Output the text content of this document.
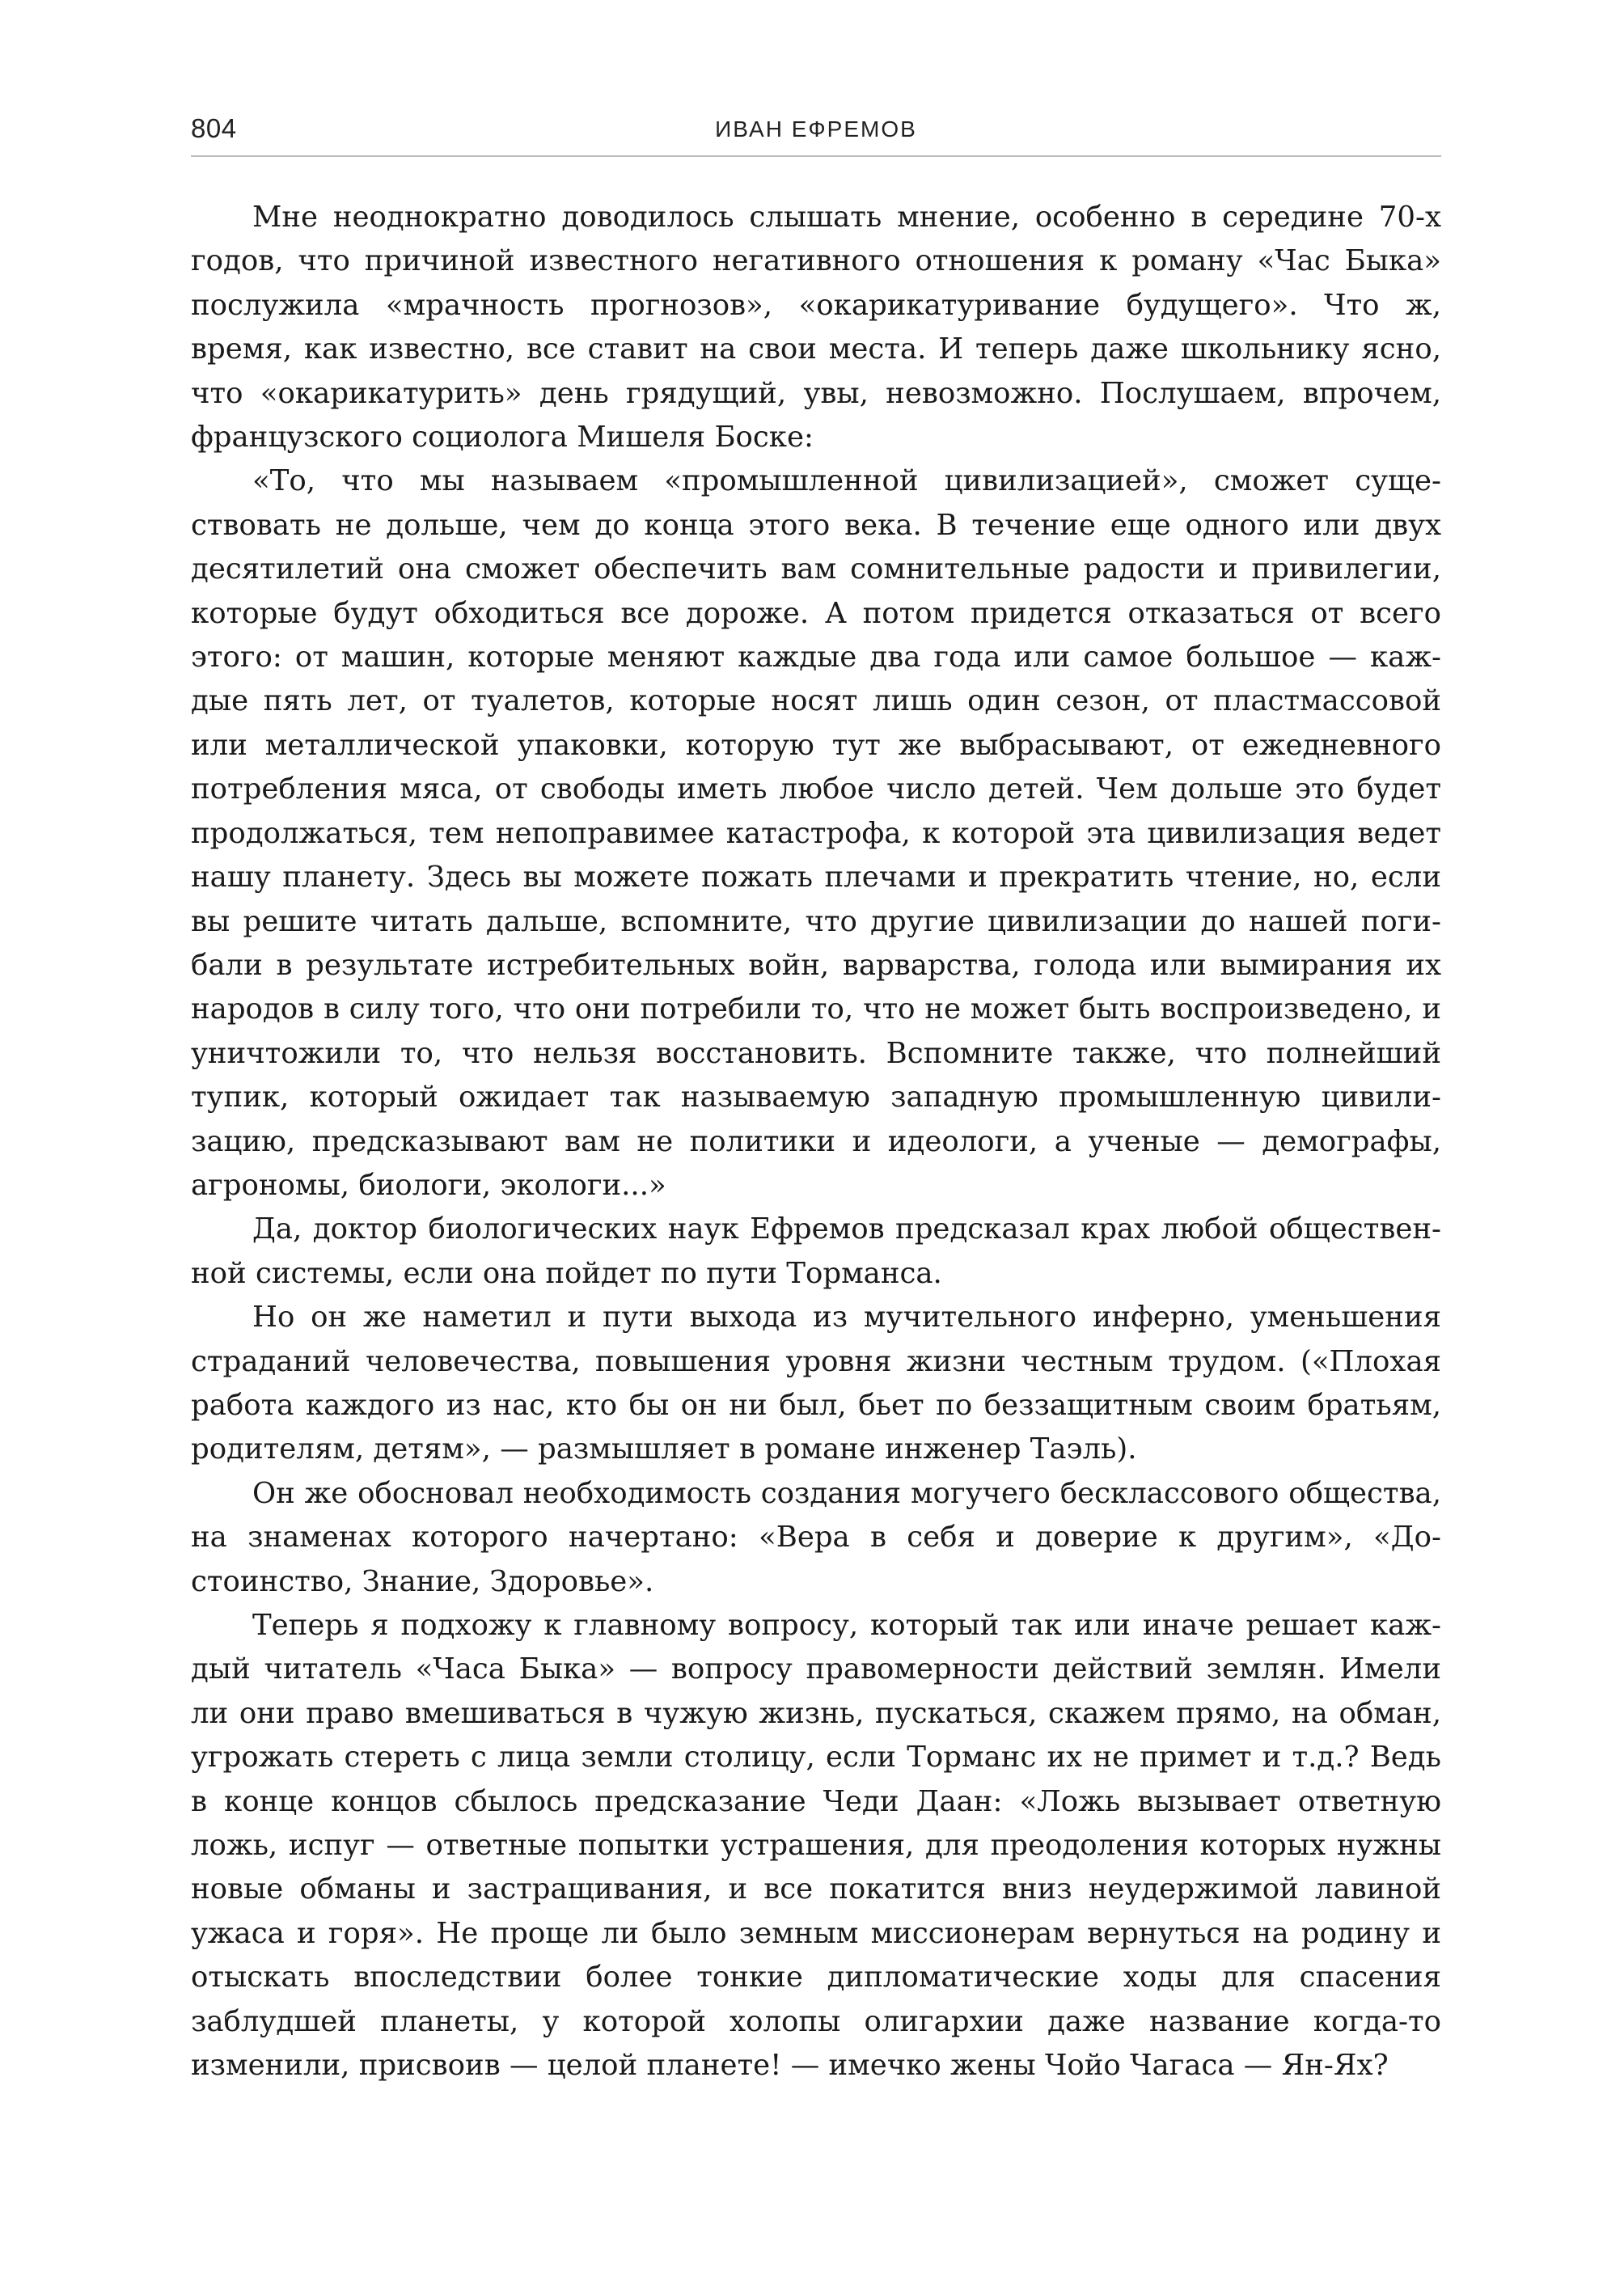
804	ИВАН ЕФРЕМОВ

Мне неоднократно доводилось слышать мнение, особенно в середине 70-х годов, что причиной известного негативного отношения к роману «Час Быка» послужила «мрачность прогнозов», «окарикатуривание будущего». Что ж, время, как известно, все ставит на свои места. И теперь даже школьнику ясно, что «окарикатурить» день грядущий, увы, невозможно. Послушаем, впрочем, французского социолога Мишеля Боске:

«То, что мы называем «промышленной цивилизацией», сможет существовать не дольше, чем до конца этого века. В течение еще одного или двух десятилетий она сможет обеспечить вам сомнительные радости и привилегии, которые будут обходиться все дороже. А потом придется отказаться от всего этого: от машин, которые меняют каждые два года или самое большое — каждые пять лет, от туалетов, которые носят лишь один сезон, от пластмассовой или металлической упаковки, которую тут же выбрасывают, от ежедневного потребления мяса, от свободы иметь любое число детей. Чем дольше это будет продолжаться, тем непоправимее катастрофа, к которой эта цивилизация ведет нашу планету. Здесь вы можете пожать плечами и прекратить чтение, но, если вы решите читать дальше, вспомните, что другие цивилизации до нашей погибали в результате истребительных войн, варварства, голода или вымирания их народов в силу того, что они потребили то, что не может быть воспроизведено, и уничтожили то, что нельзя восстановить. Вспомните также, что полнейший тупик, который ожидает так называемую западную промышленную цивилизацию, предсказывают вам не политики и идеологи, а ученые — демографы, агрономы, биологи, экологи...»

Да, доктор биологических наук Ефремов предсказал крах любой общественной системы, если она пойдет по пути Торманса.

Но он же наметил и пути выхода из мучительного инферно, уменьшения страданий человечества, повышения уровня жизни честным трудом. («Плохая работа каждого из нас, кто бы он ни был, бьет по беззащитным своим братьям, родителям, детям», — размышляет в романе инженер Таэль).

Он же обосновал необходимость создания могучего бесклассового общества, на знаменах которого начертано: «Вера в себя и доверие к другим», «Достоинство, Знание, Здоровье».

Теперь я подхожу к главному вопросу, который так или иначе решает каждый читатель «Часа Быка» — вопросу правомерности действий землян. Имели ли они право вмешиваться в чужую жизнь, пускаться, скажем прямо, на обман, угрожать стереть с лица земли столицу, если Торманс их не примет и т.д.? Ведь в конце концов сбылось предсказание Чеди Даан: «Ложь вызывает ответную ложь, испуг — ответные попытки устрашения, для преодоления которых нужны новые обманы и застращивания, и все покатится вниз неудержимой лавиной ужаса и горя». Не проще ли было земным миссионерам вернуться на родину и отыскать впоследствии более тонкие дипломатические ходы для спасения заблудшей планеты, у которой холопы олигархии даже название когда-то изменили, присвоив — целой планете! — имечко жены Чойо Чагаса — Ян-Ях?
